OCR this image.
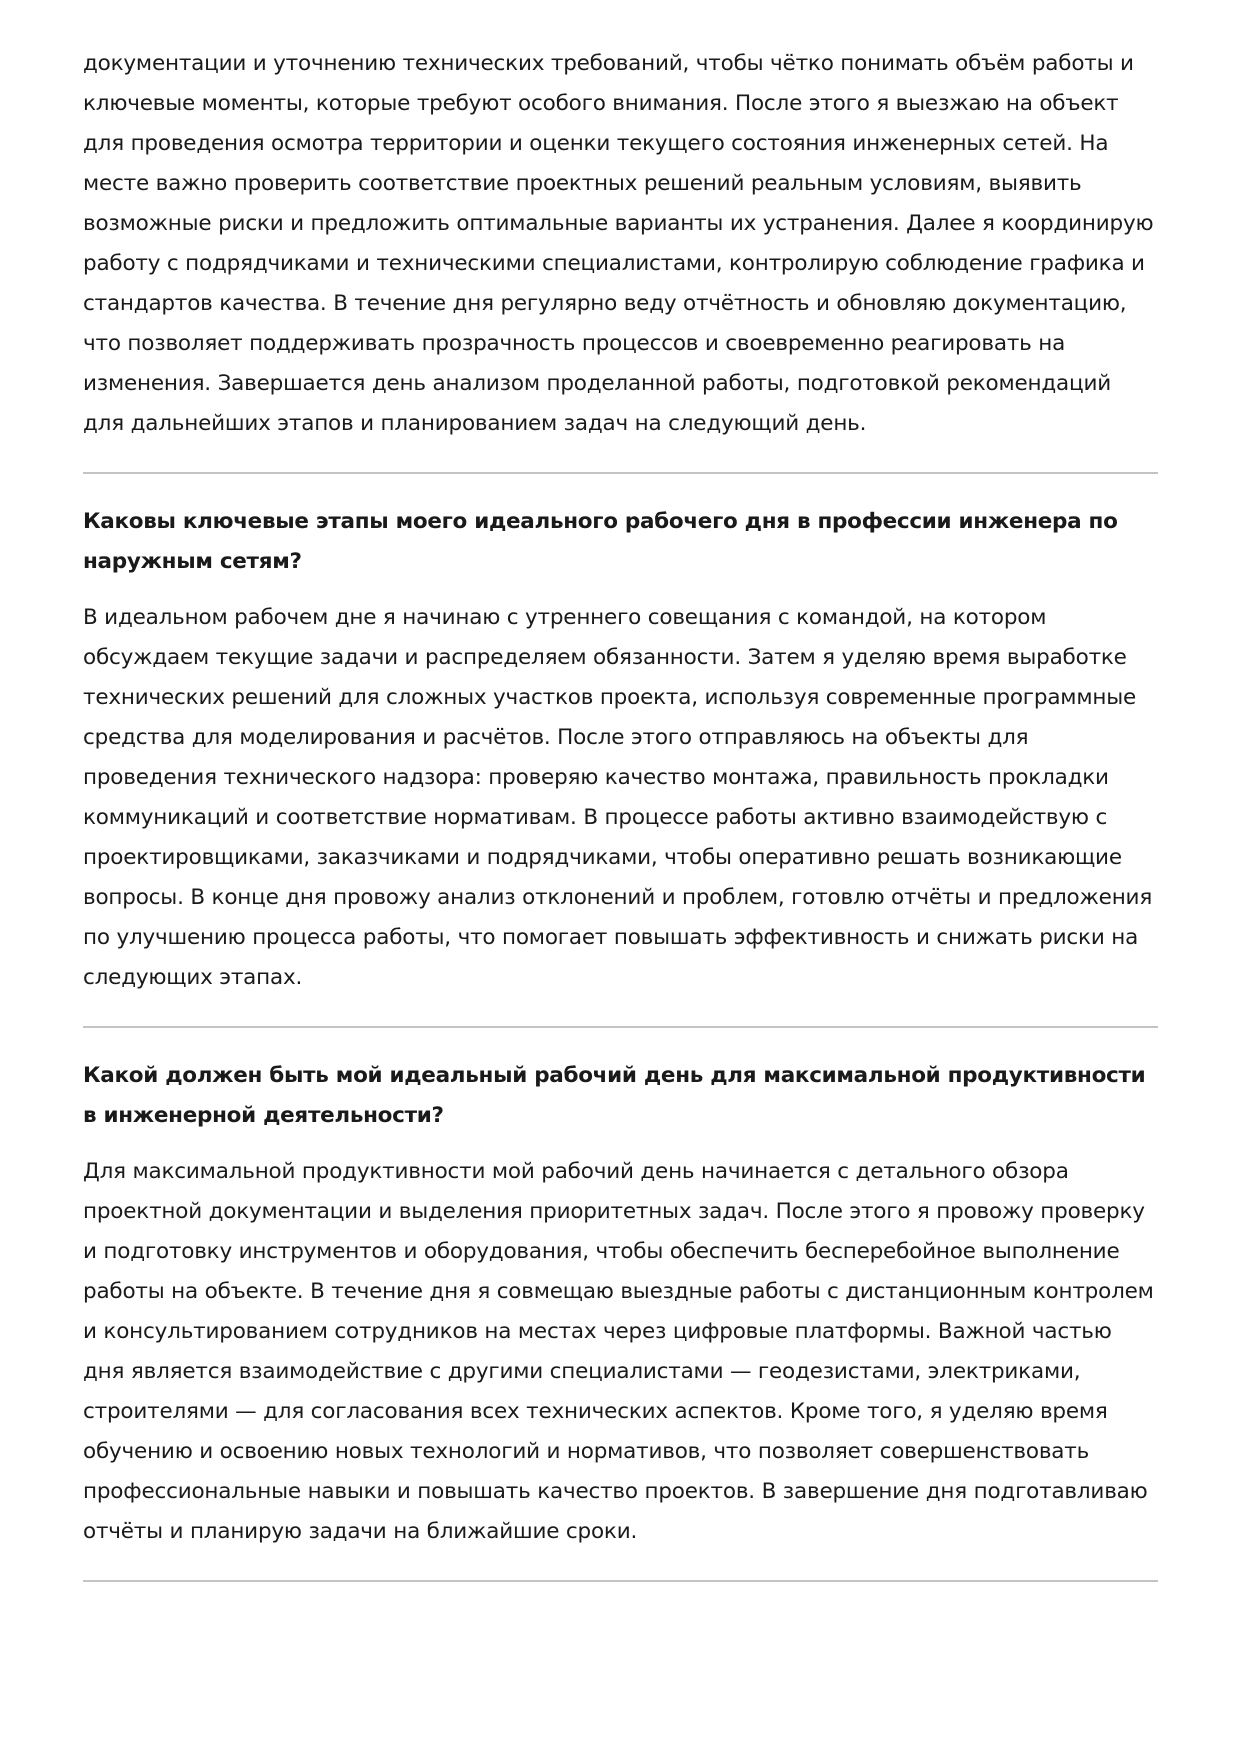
документации и уточнению технических требований, чтобы чётко понимать объём работы и ключевые моменты, которые требуют особого внимания. После этого я выезжаю на объект для проведения осмотра территории и оценки текущего состояния инженерных сетей. На месте важно проверить соответствие проектных решений реальным условиям, выявить возможные риски и предложить оптимальные варианты их устранения. Далее я координирую работу с подрядчиками и техническими специалистами, контролирую соблюдение графика и стандартов качества. В течение дня регулярно веду отчётность и обновляю документацию, что позволяет поддерживать прозрачность процессов и своевременно реагировать на изменения. Завершается день анализом проделанной работы, подготовкой рекомендаций для дальнейших этапов и планированием задач на следующий день.

Каковы ключевые этапы моего идеального рабочего дня в профессии инженера по наружным сетям?

В идеальном рабочем дне я начинаю с утреннего совещания с командой, на котором обсуждаем текущие задачи и распределяем обязанности. Затем я уделяю время выработке технических решений для сложных участков проекта, используя современные программные средства для моделирования и расчётов. После этого отправляюсь на объекты для проведения технического надзора: проверяю качество монтажа, правильность прокладки коммуникаций и соответствие нормативам. В процессе работы активно взаимодействую с проектировщиками, заказчиками и подрядчиками, чтобы оперативно решать возникающие вопросы. В конце дня провожу анализ отклонений и проблем, готовлю отчёты и предложения по улучшению процесса работы, что помогает повышать эффективность и снижать риски на следующих этапах.

Какой должен быть мой идеальный рабочий день для максимальной продуктивности в инженерной деятельности?

Для максимальной продуктивности мой рабочий день начинается с детального обзора проектной документации и выделения приоритетных задач. После этого я провожу проверку и подготовку инструментов и оборудования, чтобы обеспечить бесперебойное выполнение работы на объекте. В течение дня я совмещаю выездные работы с дистанционным контролем и консультированием сотрудников на местах через цифровые платформы. Важной частью дня является взаимодействие с другими специалистами — геодезистами, электриками, строителями — для согласования всех технических аспектов. Кроме того, я уделяю время обучению и освоению новых технологий и нормативов, что позволяет совершенствовать профессиональные навыки и повышать качество проектов. В завершение дня подготавливаю отчёты и планирую задачи на ближайшие сроки.
